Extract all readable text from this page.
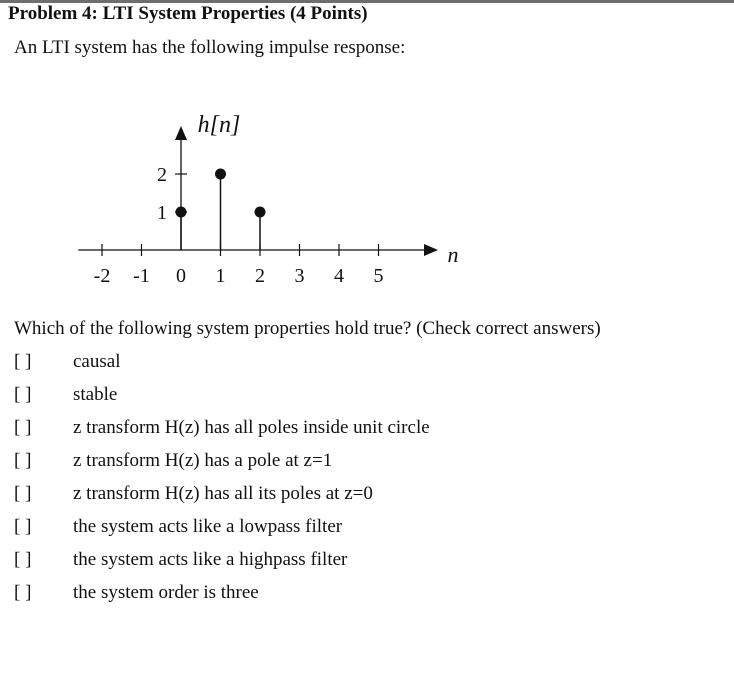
Problem 4: LTI System Properties (4 Points)
An LTI system has the following impulse response:
-2 -1 0 1 2 3 4 5
1
2
h[n]
n
Which of the following system properties hold true? (Check correct answers)
[ ]	causal
[ ]	stable
[ ]	z transform H(z) has all poles inside unit circle
[ ]	z transform H(z) has a pole at z=1
[ ]	z transform H(z) has all its poles at z=0
[ ]	the system acts like a lowpass filter
[ ]	the system acts like a highpass filter
[ ]	the system order is three
